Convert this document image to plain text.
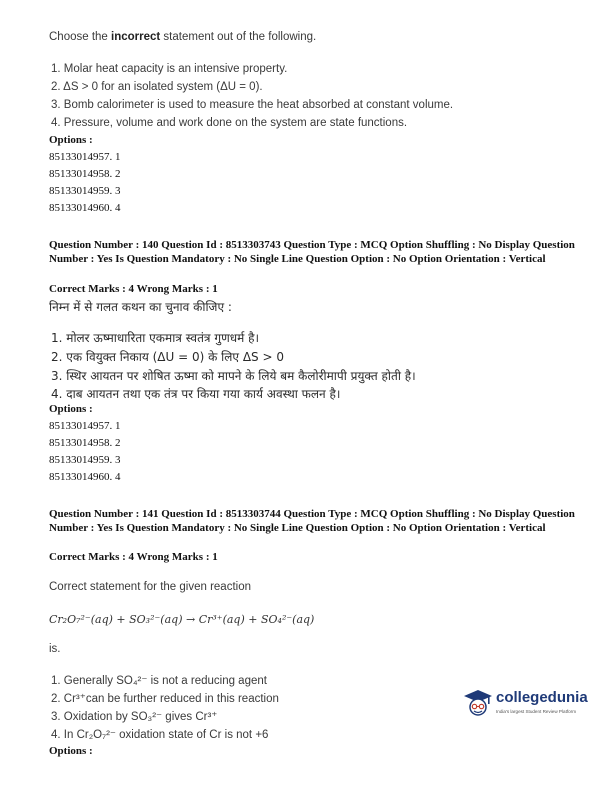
Choose the incorrect statement out of the following.
1. Molar heat capacity is an intensive property.
2. ΔS > 0 for an isolated system (ΔU = 0).
3. Bomb calorimeter is used to measure the heat absorbed at constant volume.
4. Pressure, volume and work done on the system are state functions.
Options :
85133014957. 1
85133014958. 2
85133014959. 3
85133014960. 4
Question Number : 140 Question Id : 8513303743 Question Type : MCQ Option Shuffling : No Display Question Number : Yes Is Question Mandatory : No Single Line Question Option : No Option Orientation : Vertical
Correct Marks : 4 Wrong Marks : 1
निम्न में से गलत कथन का चुनाव कीजिए :
1. मोलर ऊष्माधारिता एकमात्र स्वतंत्र गुणधर्म है।
2. एक वियुक्त निकाय (ΔU = 0) के लिए ΔS > 0
3. स्थिर आयतन पर शोषित ऊष्मा को मापने के लिये बम कैलोरीमापी प्रयुक्त होती है।
4. दाब आयतन तथा एक तंत्र पर किया गया कार्य अवस्था फलन है।
Options :
85133014957. 1
85133014958. 2
85133014959. 3
85133014960. 4
Question Number : 141 Question Id : 8513303744 Question Type : MCQ Option Shuffling : No Display Question Number : Yes Is Question Mandatory : No Single Line Question Option : No Option Orientation : Vertical
Correct Marks : 4 Wrong Marks : 1
Correct statement for the given reaction
Cr₂O₇²⁻(aq) + SO₃²⁻(aq) → Cr³⁺(aq) + SO₄²⁻(aq)
is.
1. Generally SO₄²⁻ is not a reducing agent
2. Cr³⁺can be further reduced in this reaction
3. Oxidation by SO₃²⁻ gives Cr³⁺
4. In Cr₂O₇²⁻ oxidation state of Cr is not +6
Options :
collegedunia
India's largest Student Review Platform
